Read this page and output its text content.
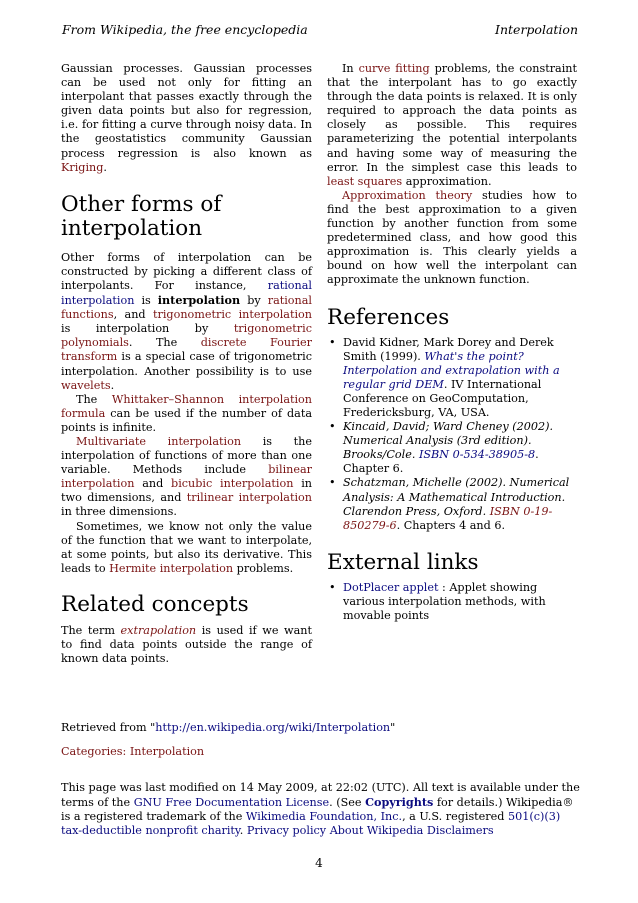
From Wikipedia, the free encyclopedia	Interpolation

Gaussian processes. Gaussian processes can be used not only for fitting an interpolant that passes exactly through the given data points but also for regression, i.e. for fitting a curve through noisy data. In the geostatistics community Gaussian process regression is also known as Kriging.

Other forms of interpolation

Other forms of interpolation can be constructed by picking a different class of interpolants. For instance, rational interpolation is interpolation by rational functions, and trigonometric interpolation is interpolation by trigonometric polynomials. The discrete Fourier transform is a special case of trigonometric interpolation. Another possibility is to use wavelets.

The Whittaker–Shannon interpolation formula can be used if the number of data points is infinite.

Multivariate interpolation is the interpolation of functions of more than one variable. Methods include bilinear interpolation and bicubic interpolation in two dimensions, and trilinear interpolation in three dimensions.

Sometimes, we know not only the value of the function that we want to interpolate, at some points, but also its derivative. This leads to Hermite interpolation problems.

Related concepts

The term extrapolation is used if we want to find data points outside the range of known data points.

In curve fitting problems, the constraint that the interpolant has to go exactly through the data points is relaxed. It is only required to approach the data points as closely as possible. This requires parameterizing the potential interpolants and having some way of measuring the error. In the simplest case this leads to least squares approximation.

Approximation theory studies how to find the best approximation to a given function by another function from some predetermined class, and how good this approximation is. This clearly yields a bound on how well the interpolant can approximate the unknown function.

References
• David Kidner, Mark Dorey and Derek Smith (1999). What's the point? Interpolation and extrapolation with a regular grid DEM. IV International Conference on GeoComputation, Fredericksburg, VA, USA.
• Kincaid, David; Ward Cheney (2002). Numerical Analysis (3rd edition). Brooks/Cole. ISBN 0-534-38905-8. Chapter 6.
• Schatzman, Michelle (2002). Numerical Analysis: A Mathematical Introduction. Clarendon Press, Oxford. ISBN 0-19-850279-6. Chapters 4 and 6.
External links
• DotPlacer applet : Applet showing various interpolation methods, with movable points
Retrieved from "http://en.wikipedia.org/wiki/Interpolation"
Categories: Interpolation
This page was last modified on 14 May 2009, at 22:02 (UTC). All text is available under the terms of the GNU Free Documentation License. (See Copyrights for details.) Wikipedia® is a registered trademark of the Wikimedia Foundation, Inc., a U.S. registered 501(c)(3) tax-deductible nonprofit charity. Privacy policy About Wikipedia Disclaimers
4
